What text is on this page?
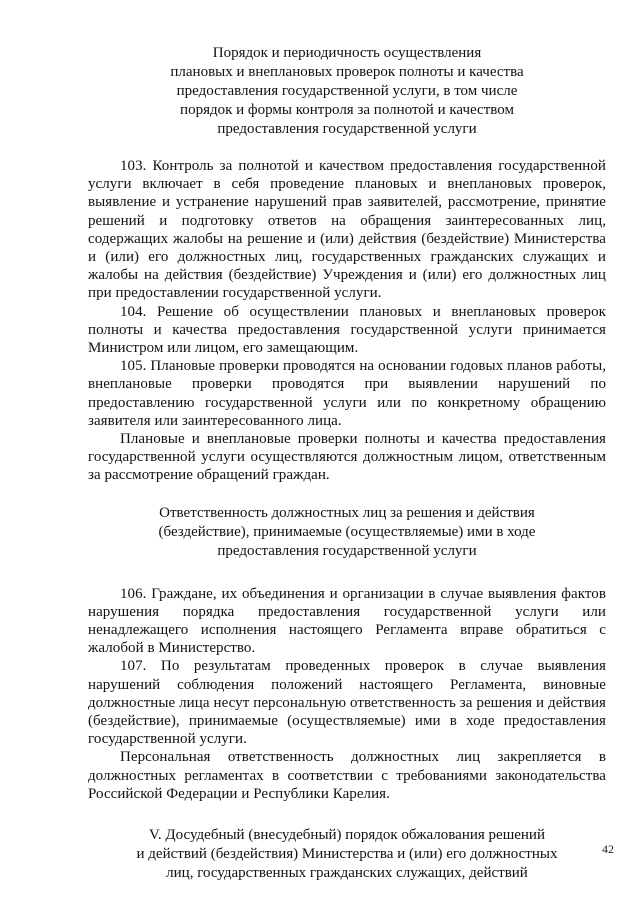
Порядок и периодичность осуществления
плановых и внеплановых проверок полноты и качества
предоставления государственной услуги, в том числе
порядок и формы контроля за полнотой и качеством
предоставления государственной услуги

103. Контроль за полнотой и качеством предоставления государственной услуги включает в себя проведение плановых и внеплановых проверок, выявление и устранение нарушений прав заявителей, рассмотрение, принятие решений и подготовку ответов на обращения заинтересованных лиц, содержащих жалобы на решение и (или) действия (бездействие) Министерства и (или) его должностных лиц, государственных гражданских служащих и жалобы на действия (бездействие) Учреждения и (или) его должностных лиц при предоставлении государственной услуги.

104. Решение об осуществлении плановых и внеплановых проверок полноты и качества предоставления государственной услуги принимается Министром или лицом, его замещающим.

105. Плановые проверки проводятся на основании годовых планов работы, внеплановые проверки проводятся при выявлении нарушений по предоставлению государственной услуги или по конкретному обращению заявителя или заинтересованного лица.

Плановые и внеплановые проверки полноты и качества предоставления государственной услуги осуществляются должностным лицом, ответственным за рассмотрение обращений граждан.

Ответственность должностных лиц за решения и действия
(бездействие), принимаемые (осуществляемые) ими в ходе
предоставления государственной услуги

106. Граждане, их объединения и организации в случае выявления фактов нарушения порядка предоставления государственной услуги или ненадлежащего исполнения настоящего Регламента вправе обратиться с жалобой в Министерство.

107. По результатам проведенных проверок в случае выявления нарушений соблюдения положений настоящего Регламента, виновные должностные лица несут персональную ответственность за решения и действия (бездействие), принимаемые (осуществляемые) ими в ходе предоставления государственной услуги.

Персональная ответственность должностных лиц закрепляется в должностных регламентах в соответствии с требованиями законодательства Российской Федерации и Республики Карелия.

V. Досудебный (внесудебный) порядок обжалования решений
и действий (бездействия) Министерства и (или) его должностных
лиц, государственных гражданских служащих, действий
42
